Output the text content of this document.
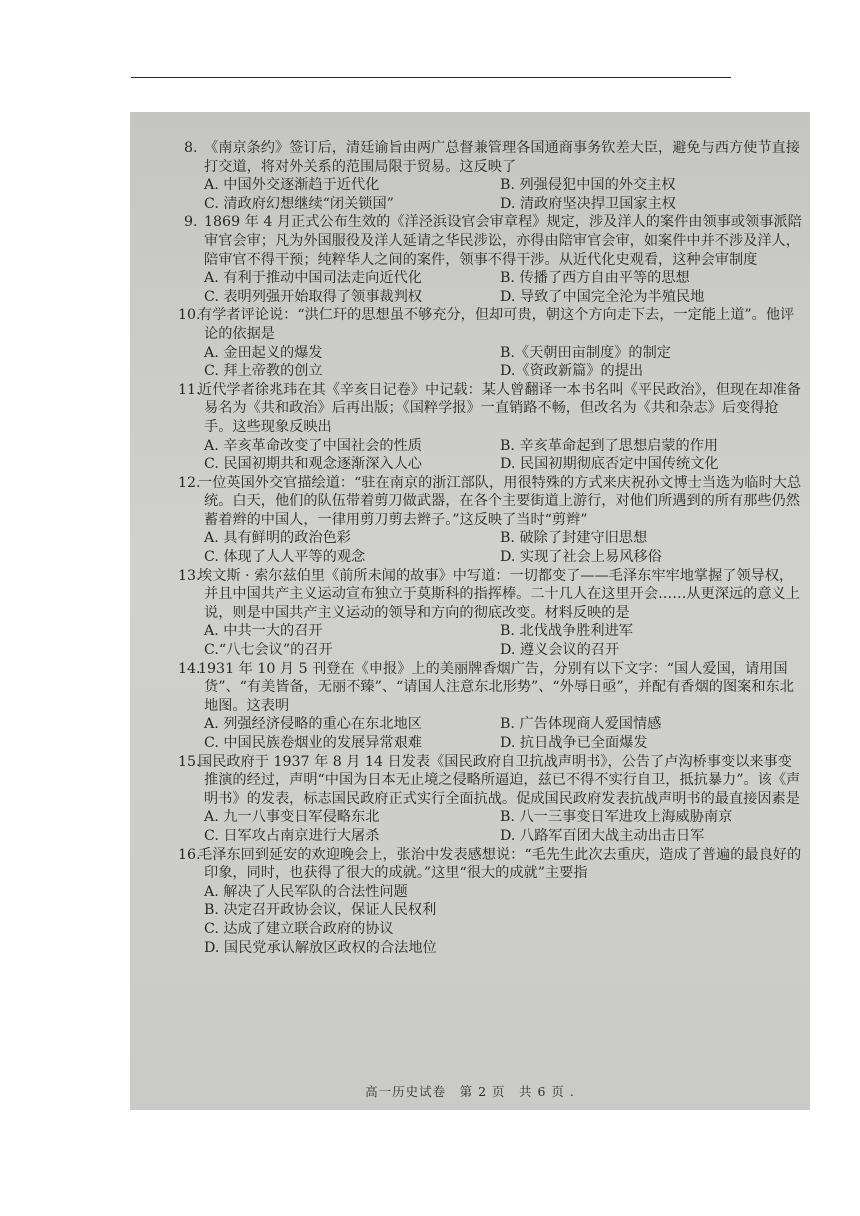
8. 《南京条约》签订后，清廷谕旨由两广总督兼管理各国通商事务钦差大臣，避免与西方使节直接打交道，将对外关系的范围局限于贸易。这反映了

A. 中国外交逐渐趋于近代化	B. 列强侵犯中国的外交主权
C. 清政府幻想继续“闭关锁国”	D. 清政府坚决捍卫国家主权

9. 1869 年 4 月正式公布生效的《洋泾浜设官会审章程》规定，涉及洋人的案件由领事或领事派陪审官会审；凡为外国服役及洋人延请之华民涉讼，亦得由陪审官会审，如案件中并不涉及洋人，陪审官不得干预；纯粹华人之间的案件，领事不得干涉。从近代化史观看，这种会审制度

A. 有利于推动中国司法走向近代化	B. 传播了西方自由平等的思想
C. 表明列强开始取得了领事裁判权	D. 导致了中国完全沦为半殖民地

10.有学者评论说：“洪仁玕的思想虽不够充分，但却可贵，朝这个方向走下去，一定能上道”。他评论的依据是

A. 金田起义的爆发	B.《天朝田亩制度》的制定
C. 拜上帝教的创立	D.《资政新篇》的提出

11.近代学者徐兆玮在其《辛亥日记卷》中记载：某人曾翻译一本书名叫《平民政治》，但现在却准备易名为《共和政治》后再出版；《国粹学报》一直销路不畅，但改名为《共和杂志》后变得抢手。这些现象反映出

A. 辛亥革命改变了中国社会的性质	B. 辛亥革命起到了思想启蒙的作用
C. 民国初期共和观念逐渐深入人心	D. 民国初期彻底否定中国传统文化

12.一位英国外交官描绘道：“驻在南京的浙江部队，用很特殊的方式来庆祝孙文博士当选为临时大总统。白天，他们的队伍带着剪刀做武器，在各个主要街道上游行，对他们所遇到的所有那些仍然蓄着辫的中国人，一律用剪刀剪去辫子。”这反映了当时“剪辫”

A. 具有鲜明的政治色彩	B. 破除了封建守旧思想
C. 体现了人人平等的观念	D. 实现了社会上易风移俗

13.埃文斯 · 索尔兹伯里《前所未闻的故事》中写道：一切都变了——毛泽东牢牢地掌握了领导权，并且中国共产主义运动宣布独立于莫斯科的指挥棒。二十几人在这里开会……从更深远的意义上说，则是中国共产主义运动的领导和方向的彻底改变。材料反映的是

A. 中共一大的召开	B. 北伐战争胜利进军
C.“八七会议”的召开	D. 遵义会议的召开

14.1931 年 10 月 5 刊登在《申报》上的美丽牌香烟广告，分别有以下文字：“国人爱国，请用国货”、“有美皆备，无丽不臻”、“请国人注意东北形势”、“外辱日亟”，并配有香烟的图案和东北地图。这表明

A. 列强经济侵略的重心在东北地区	B. 广告体现商人爱国情感
C. 中国民族卷烟业的发展异常艰难	D. 抗日战争已全面爆发

15.国民政府于 1937 年 8 月 14 日发表《国民政府自卫抗战声明书》，公告了卢沟桥事变以来事变推演的经过，声明“中国为日本无止境之侵略所逼迫，兹已不得不实行自卫，抵抗暴力”。该《声明书》的发表，标志国民政府正式实行全面抗战。促成国民政府发表抗战声明书的最直接因素是

A. 九一八事变日军侵略东北	B. 八一三事变日军进攻上海威胁南京
C. 日军攻占南京进行大屠杀	D. 八路军百团大战主动出击日军

16.毛泽东回到延安的欢迎晚会上，张治中发表感想说：“毛先生此次去重庆，造成了普遍的最良好的印象，同时，也获得了很大的成就。”这里“很大的成就”主要指

A. 解决了人民军队的合法性问题
B. 决定召开政协会议，保证人民权利
C. 达成了建立联合政府的协议
D. 国民党承认解放区政权的合法地位
高一历史试卷　第 2 页　共 6 页 .
